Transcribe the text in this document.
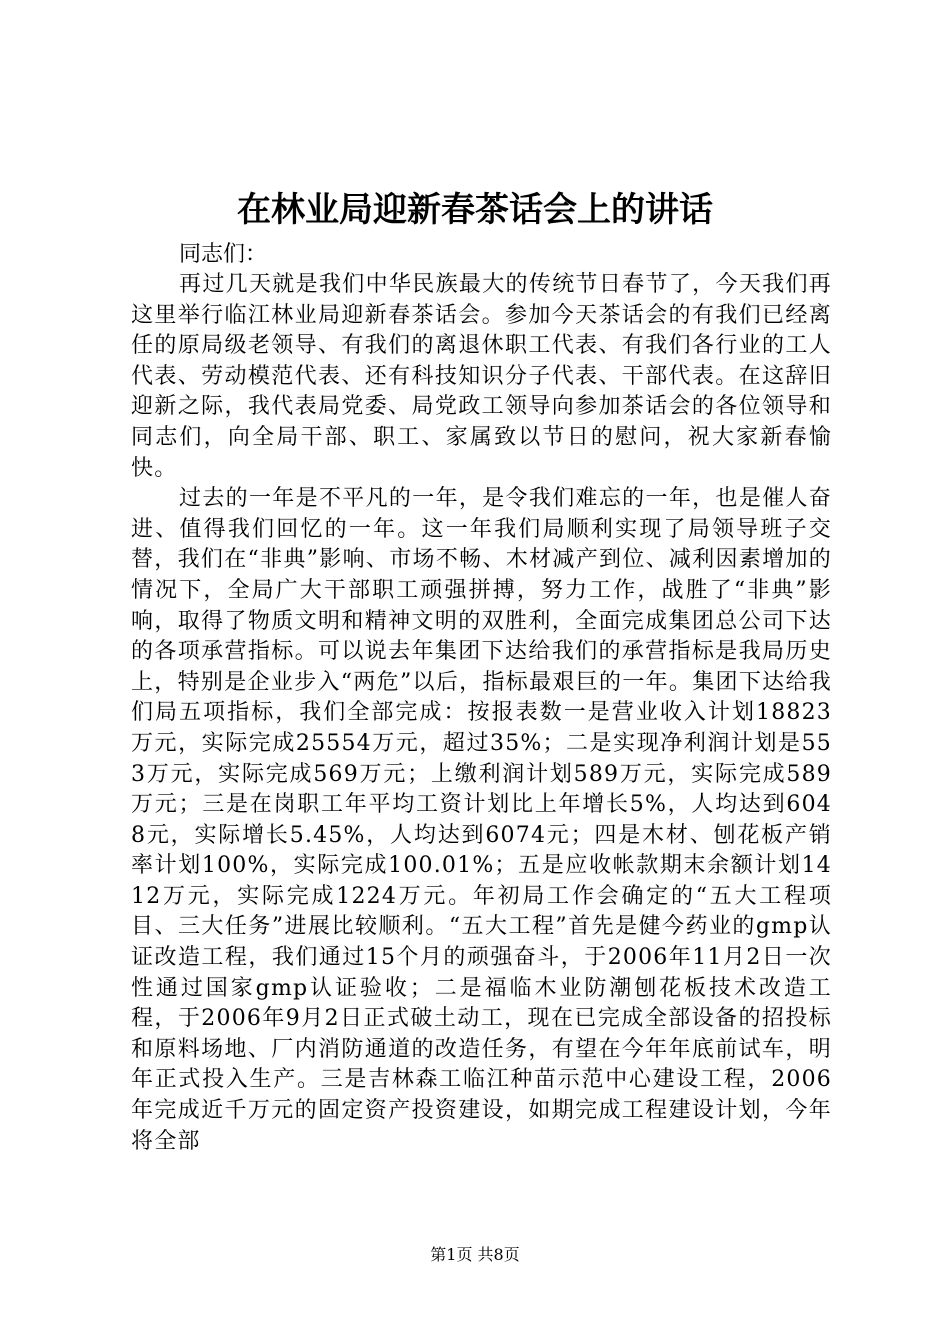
在林业局迎新春茶话会上的讲话

同志们：

再过几天就是我们中华民族最大的传统节日春节了，今天我们再这里举行临江林业局迎新春茶话会。参加今天茶话会的有我们已经离任的原局级老领导、有我们的离退休职工代表、有我们各行业的工人代表、劳动模范代表、还有科技知识分子代表、干部代表。在这辞旧迎新之际，我代表局党委、局党政工领导向参加茶话会的各位领导和同志们，向全局干部、职工、家属致以节日的慰问，祝大家新春愉快。

过去的一年是不平凡的一年，是令我们难忘的一年，也是催人奋进、值得我们回忆的一年。这一年我们局顺利实现了局领导班子交替，我们在“非典”影响、市场不畅、木材减产到位、减利因素增加的情况下，全局广大干部职工顽强拼搏，努力工作，战胜了“非典”影响，取得了物质文明和精神文明的双胜利，全面完成集团总公司下达的各项承营指标。可以说去年集团下达给我们的承营指标是我局历史上，特别是企业步入“两危”以后，指标最艰巨的一年。集团下达给我们局五项指标，我们全部完成：按报表数一是营业收入计划18823万元，实际完成25554万元，超过35%；二是实现净利润计划是553万元，实际完成569万元；上缴利润计划589万元，实际完成589万元；三是在岗职工年平均工资计划比上年增长5%，人均达到6048元，实际增长5.45%，人均达到6074元；四是木材、刨花板产销率计划100%，实际完成100.01%；五是应收帐款期末余额计划1412万元，实际完成1224万元。年初局工作会确定的“五大工程项目、三大任务”进展比较顺利。“五大工程”首先是健今药业的gmp认证改造工程，我们通过15个月的顽强奋斗，于2006年11月2日一次性通过国家gmp认证验收；二是福临木业防潮刨花板技术改造工程，于2006年9月2日正式破土动工，现在已完成全部设备的招投标和原料场地、厂内消防通道的改造任务，有望在今年年底前试车，明年正式投入生产。三是吉林森工临江种苗示范中心建设工程，2006年完成近千万元的固定资产投资建设，如期完成工程建设计划，今年将全部

第1页 共8页
